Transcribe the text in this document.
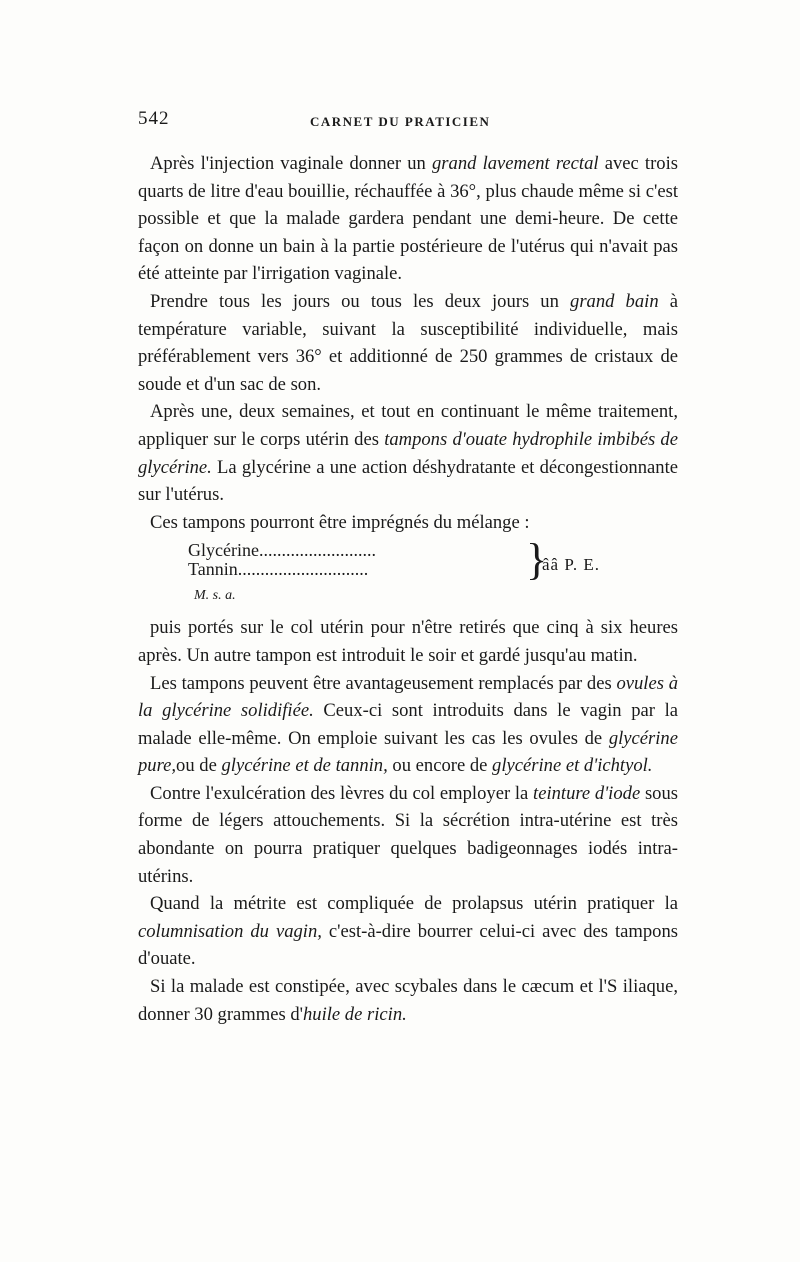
542	CARNET DU PRATICIEN

Après l'injection vaginale donner un grand lavement rectal avec trois quarts de litre d'eau bouillie, réchauffée à 36°, plus chaude même si c'est possible et que la malade gardera pendant une demi-heure. De cette façon on donne un bain à la partie postérieure de l'utérus qui n'avait pas été atteinte par l'irrigation vaginale.

Prendre tous les jours ou tous les deux jours un grand bain à température variable, suivant la susceptibilité individuelle, mais préférablement vers 36° et additionné de 250 grammes de cristaux de soude et d'un sac de son.

Après une, deux semaines, et tout en continuant le même traitement, appliquer sur le corps utérin des tampons d'ouate hydrophile imbibés de glycérine. La glycérine a une action déshydratante et décongestionnante sur l'utérus.

Ces tampons pourront être imprégnés du mélange :

Glycérine..........................
Tannin.............................	}
ââ P. E.
M. s. a.

puis portés sur le col utérin pour n'être retirés que cinq à six heures après. Un autre tampon est introduit le soir et gardé jusqu'au matin.

Les tampons peuvent être avantageusement remplacés par des ovules à la glycérine solidifiée. Ceux-ci sont introduits dans le vagin par la malade elle-même. On emploie suivant les cas les ovules de glycérine pure,ou de glycérine et de tannin, ou encore de glycérine et d'ichtyol.

Contre l'exulcération des lèvres du col employer la teinture d'iode sous forme de légers attouchements. Si la sécrétion intra-utérine est très abondante on pourra pratiquer quelques badigeonnages iodés intra-utérins.

Quand la métrite est compliquée de prolapsus utérin pratiquer la columnisation du vagin, c'est-à-dire bourrer celui-ci avec des tampons d'ouate.

Si la malade est constipée, avec scybales dans le cæcum et l'S iliaque, donner 30 grammes d'huile de ricin.
